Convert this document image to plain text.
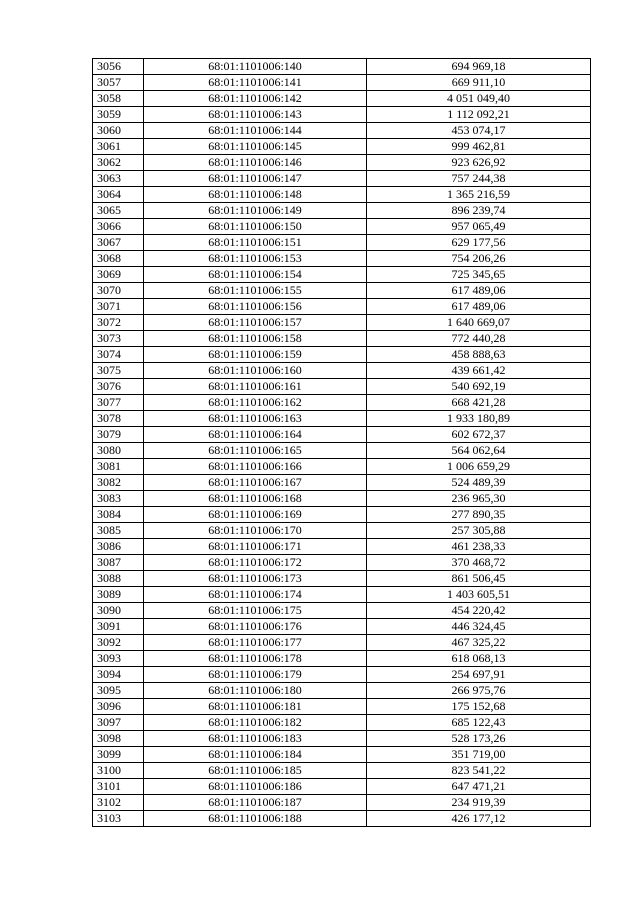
3056	68:01:1101006:140	694 969,18
3057	68:01:1101006:141	669 911,10
3058	68:01:1101006:142	4 051 049,40
3059	68:01:1101006:143	1 112 092,21
3060	68:01:1101006:144	453 074,17
3061	68:01:1101006:145	999 462,81
3062	68:01:1101006:146	923 626,92
3063	68:01:1101006:147	757 244,38
3064	68:01:1101006:148	1 365 216,59
3065	68:01:1101006:149	896 239,74
3066	68:01:1101006:150	957 065,49
3067	68:01:1101006:151	629 177,56
3068	68:01:1101006:153	754 206,26
3069	68:01:1101006:154	725 345,65
3070	68:01:1101006:155	617 489,06
3071	68:01:1101006:156	617 489,06
3072	68:01:1101006:157	1 640 669,07
3073	68:01:1101006:158	772 440,28
3074	68:01:1101006:159	458 888,63
3075	68:01:1101006:160	439 661,42
3076	68:01:1101006:161	540 692,19
3077	68:01:1101006:162	668 421,28
3078	68:01:1101006:163	1 933 180,89
3079	68:01:1101006:164	602 672,37
3080	68:01:1101006:165	564 062,64
3081	68:01:1101006:166	1 006 659,29
3082	68:01:1101006:167	524 489,39
3083	68:01:1101006:168	236 965,30
3084	68:01:1101006:169	277 890,35
3085	68:01:1101006:170	257 305,88
3086	68:01:1101006:171	461 238,33
3087	68:01:1101006:172	370 468,72
3088	68:01:1101006:173	861 506,45
3089	68:01:1101006:174	1 403 605,51
3090	68:01:1101006:175	454 220,42
3091	68:01:1101006:176	446 324,45
3092	68:01:1101006:177	467 325,22
3093	68:01:1101006:178	618 068,13
3094	68:01:1101006:179	254 697,91
3095	68:01:1101006:180	266 975,76
3096	68:01:1101006:181	175 152,68
3097	68:01:1101006:182	685 122,43
3098	68:01:1101006:183	528 173,26
3099	68:01:1101006:184	351 719,00
3100	68:01:1101006:185	823 541,22
3101	68:01:1101006:186	647 471,21
3102	68:01:1101006:187	234 919,39
3103	68:01:1101006:188	426 177,12
